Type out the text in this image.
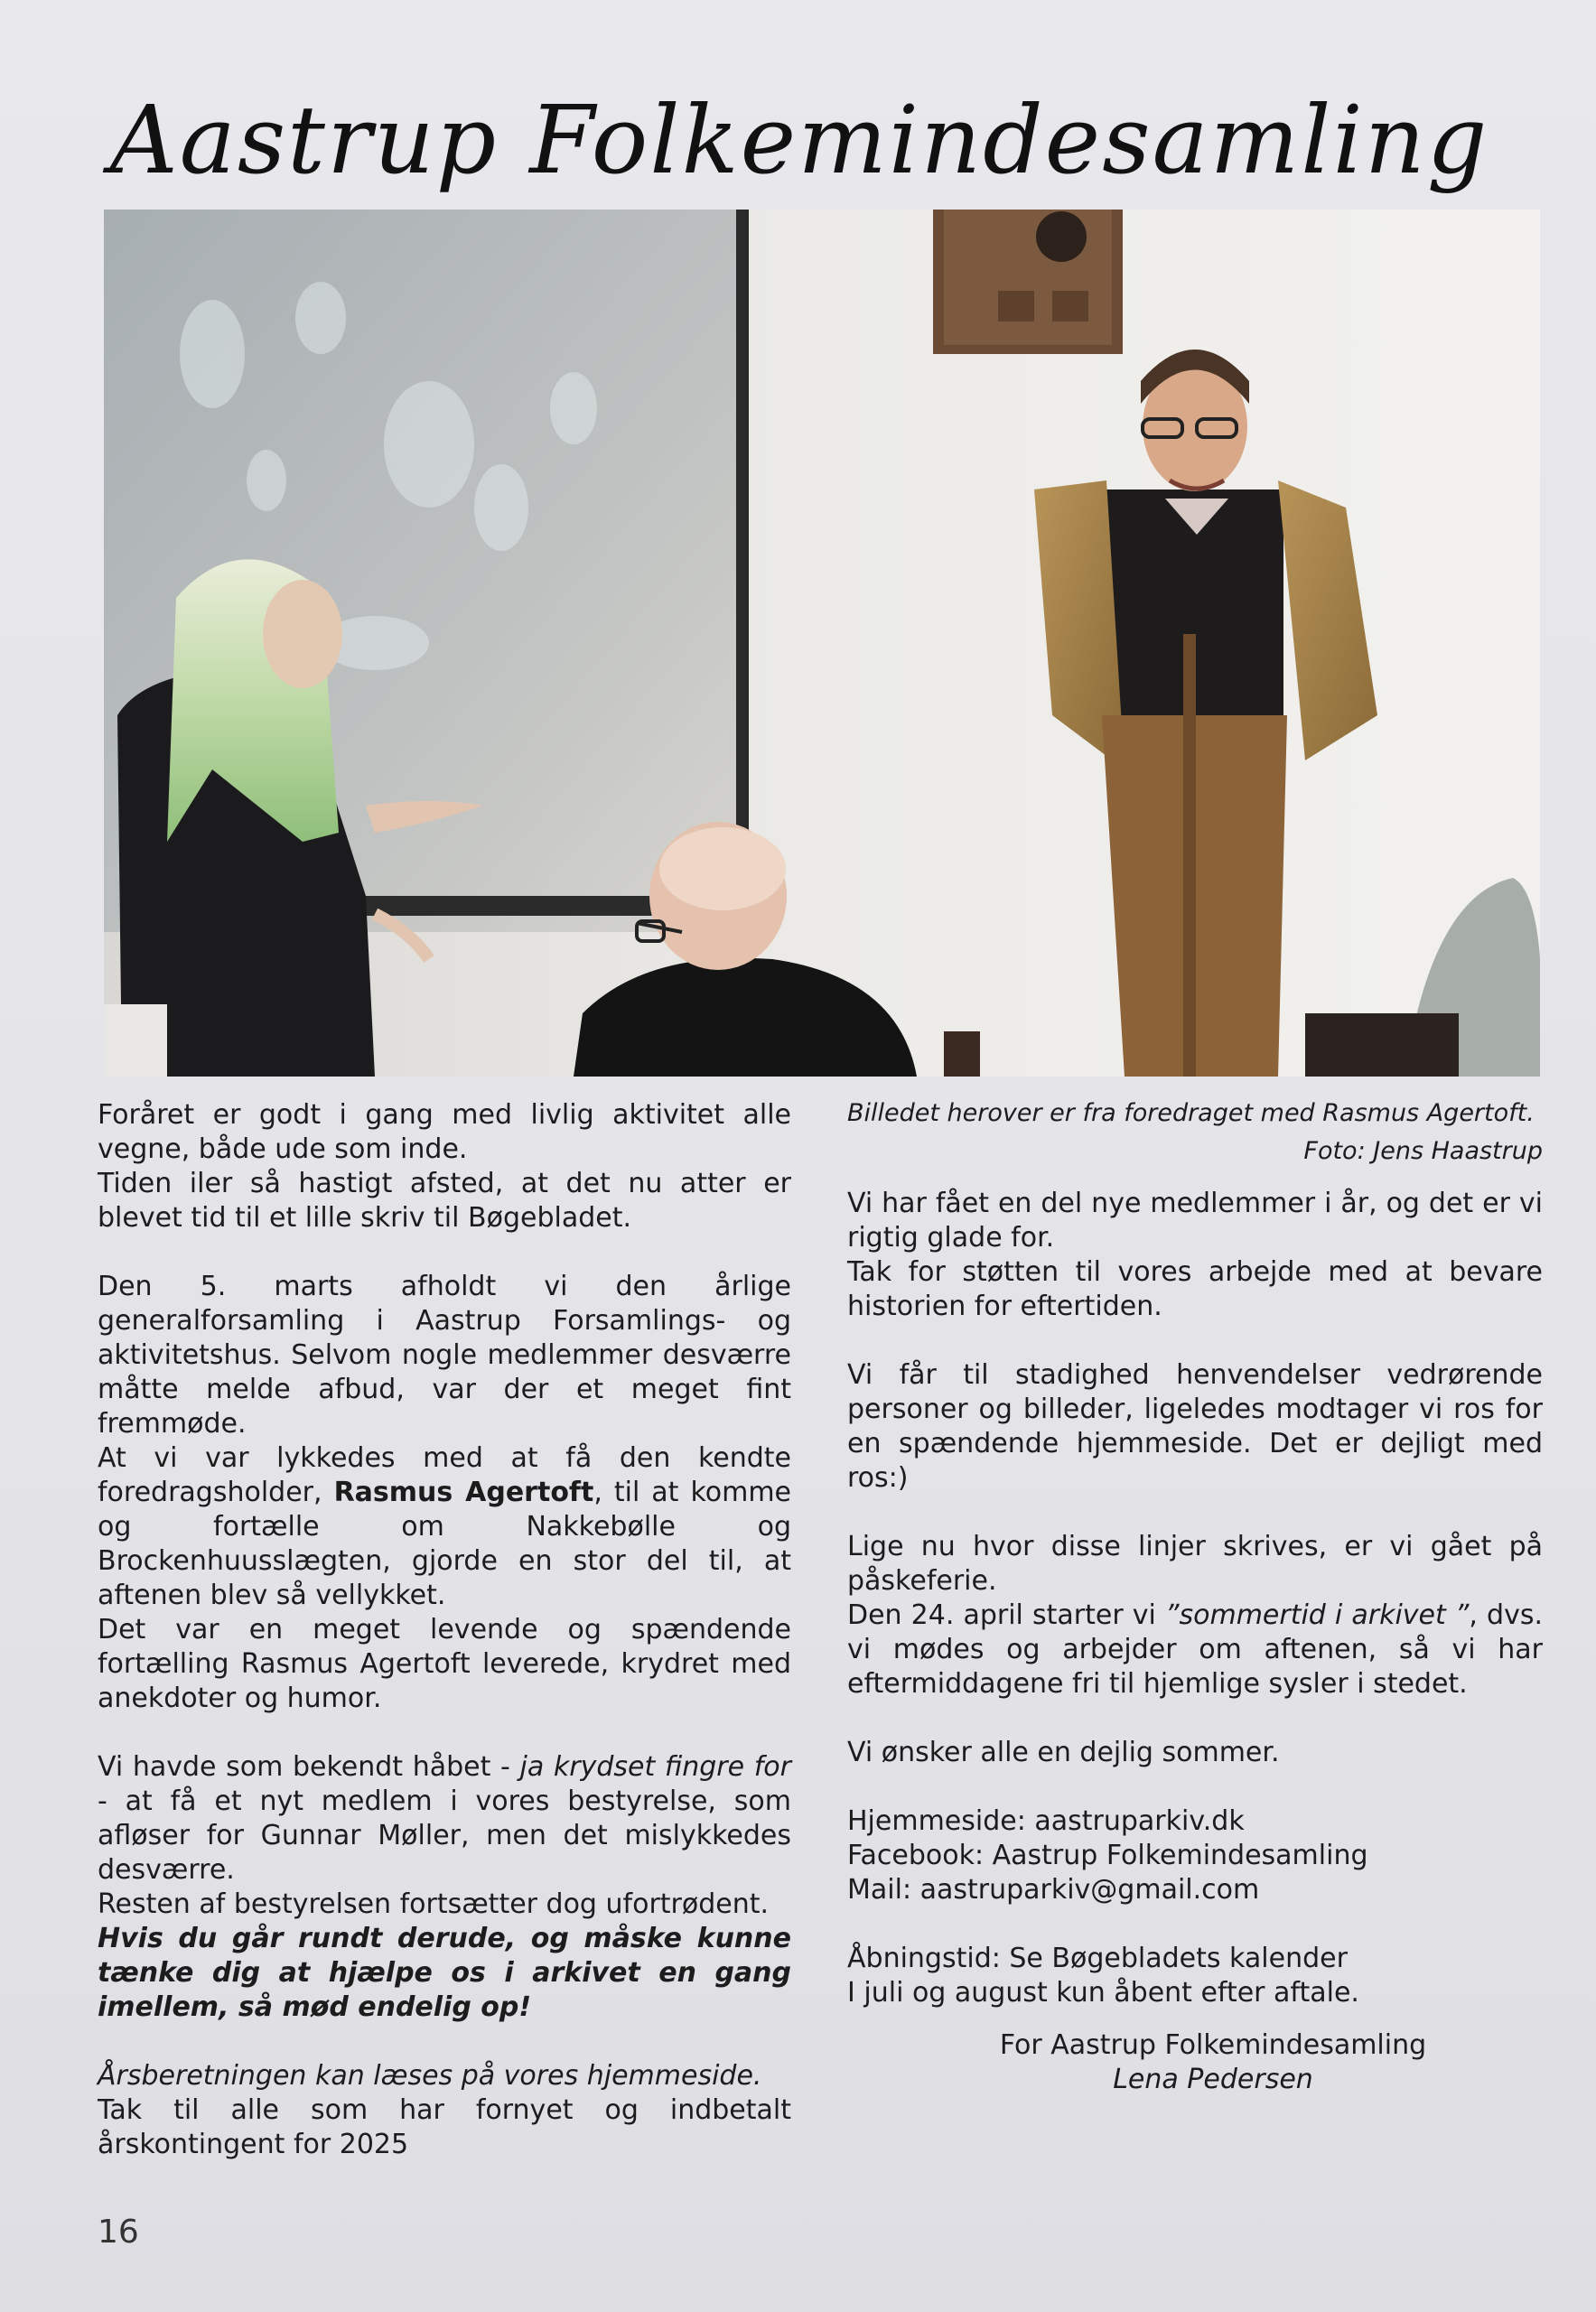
Aastrup Folkemindesamling

Foråret er godt i gang med livlig aktivitet alle vegne, både ude som inde.

Tiden iler så hastigt afsted, at det nu atter er blevet tid til et lille skriv til Bøgebladet.

Den 5. marts afholdt vi den årlige generalforsamling i Aastrup Forsamlings- og aktivitetshus. Selvom nogle medlemmer desværre måtte melde afbud, var der et meget fint fremmøde.

At vi var lykkedes med at få den kendte foredragsholder, Rasmus Agertoft, til at komme og fortælle om Nakkebølle og Brockenhuusslægten, gjorde en stor del til, at aftenen blev så vellykket.

Det var en meget levende og spændende fortælling Rasmus Agertoft leverede, krydret med anekdoter og humor.

Vi havde som bekendt håbet - ja krydset fingre for - at få et nyt medlem i vores bestyrelse, som afløser for Gunnar Møller, men det mislykkedes desværre.

Resten af bestyrelsen fortsætter dog ufortrødent.

Hvis du går rundt derude, og måske kunne tænke dig at hjælpe os i arkivet en gang imellem, så mød endelig op!

Årsberetningen kan læses på vores hjemmeside.

Tak til alle som har fornyet og indbetalt årskontingent for 2025

Billedet herover er fra foredraget med Rasmus Agertoft.

Foto: Jens Haastrup

Vi har fået en del nye medlemmer i år, og det er vi rigtig glade for.

Tak for støtten til vores arbejde med at bevare historien for eftertiden.

Vi får til stadighed henvendelser vedrørende personer og billeder, ligeledes modtager vi ros for en spændende hjemmeside. Det er dejligt med ros:)

Lige nu hvor disse linjer skrives, er vi gået på påskeferie.

Den 24. april starter vi ”sommertid i arkivet ”, dvs. vi mødes og arbejder om aftenen, så vi har eftermiddagene fri til hjemlige sysler i stedet.

Vi ønsker alle en dejlig sommer.

Hjemmeside: aastruparkiv.dk

Facebook: Aastrup Folkemindesamling

Mail: aastruparkiv@gmail.com

Åbningstid: Se Bøgebladets kalender

I juli og august kun åbent efter aftale.

For Aastrup Folkemindesamling

Lena Pedersen

16
